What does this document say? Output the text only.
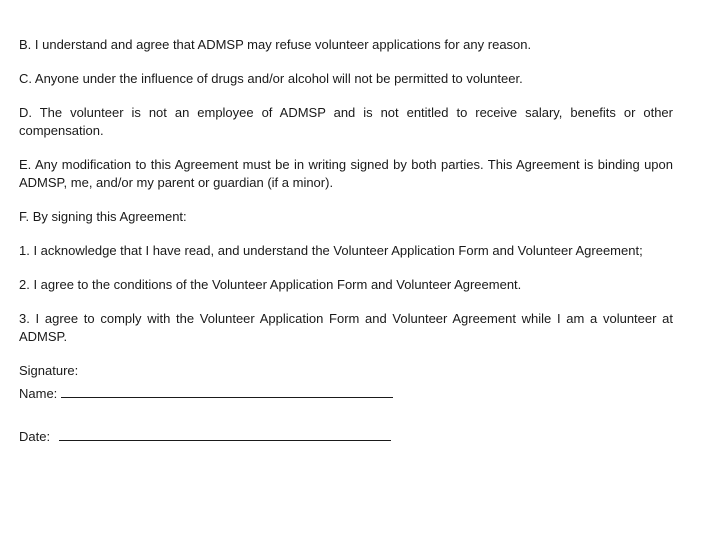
B. I understand and agree that ADMSP may refuse volunteer applications for any reason.

C. Anyone under the influence of drugs and/or alcohol will not be permitted to volunteer.

D. The volunteer is not an employee of ADMSP and is not entitled to receive salary, benefits or other compensation.

E. Any modification to this Agreement must be in writing signed by both parties. This Agreement is binding upon ADMSP, me, and/or my parent or guardian (if a minor).

F. By signing this Agreement:

1. I acknowledge that I have read, and understand the Volunteer Application Form and Volunteer Agreement;

2. I agree to the conditions of the Volunteer Application Form and Volunteer Agreement.

3. I agree to comply with the Volunteer Application Form and Volunteer Agreement while I am a volunteer at ADMSP.

Signature:

Name:
Date:
